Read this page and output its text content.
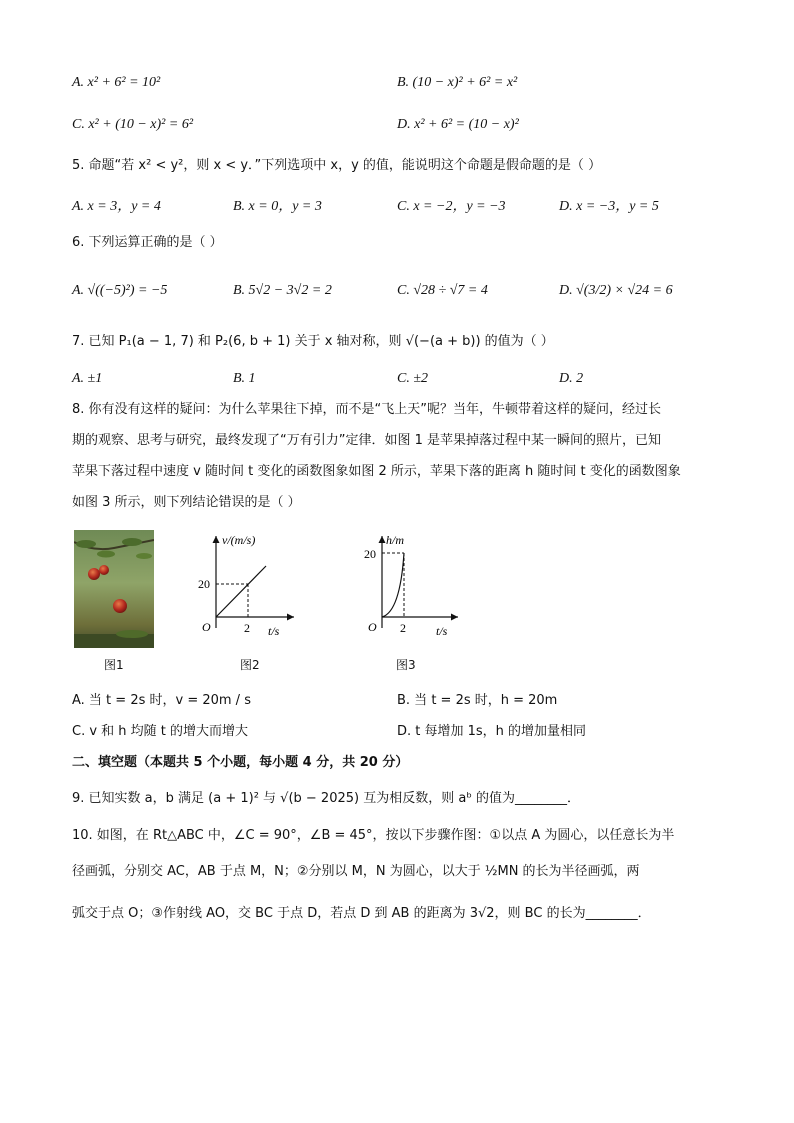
A. x² + 6² = 10²	B. (10 − x)² + 6² = x²
C. x² + (10 − x)² = 6²	D. x² + 6² = (10 − x)²
5. 命题“若 x² < y²，则 x < y．”下列选项中 x，y 的值，能说明这个命题是假命题的是（ ）
A. x = 3，y = 4	B. x = 0，y = 3	C. x = −2，y = −3	D. x = −3，y = 5
6. 下列运算正确的是（ ）
A. √((−5)²) = −5	B. 5√2 − 3√2 = 2	C. √28 ÷ √7 = 4	D. √(3/2) × √24 = 6
7. 已知 P₁(a − 1, 7) 和 P₂(6, b + 1) 关于 x 轴对称，则 √(−(a + b)) 的值为（ ）
A. ±1	B. 1	C. ±2	D. 2
8. 你有没有这样的疑问：为什么苹果往下掉，而不是“飞上天”呢？当年，牛顿带着这样的疑问，经过长
期的观察、思考与研究，最终发现了“万有引力”定律．如图 1 是苹果掉落过程中某一瞬间的照片，已知
苹果下落过程中速度 v 随时间 t 变化的函数图象如图 2 所示，苹果下落的距离 h 随时间 t 变化的函数图象
如图 3 所示，则下列结论错误的是（ ）
图1
v/(m/s)
t/s
O
20
2
图2
h/m
t/s
O
20
2
图3
A. 当 t = 2s 时，v = 20m / s	B. 当 t = 2s 时，h = 20m
C. v 和 h 均随 t 的增大而增大	D. t 每增加 1s，h 的增加量相同
二、填空题（本题共 5 个小题，每小题 4 分，共 20 分）
9. 已知实数 a，b 满足 (a + 1)² 与 √(b − 2025) 互为相反数，则 aᵇ 的值为________．
10. 如图，在 Rt△ABC 中，∠C = 90°，∠B = 45°，按以下步骤作图：①以点 A 为圆心，以任意长为半
径画弧，分别交 AC，AB 于点 M，N；②分别以 M，N 为圆心，以大于 ½MN 的长为半径画弧，两
弧交于点 O；③作射线 AO，交 BC 于点 D，若点 D 到 AB 的距离为 3√2，则 BC 的长为________．
